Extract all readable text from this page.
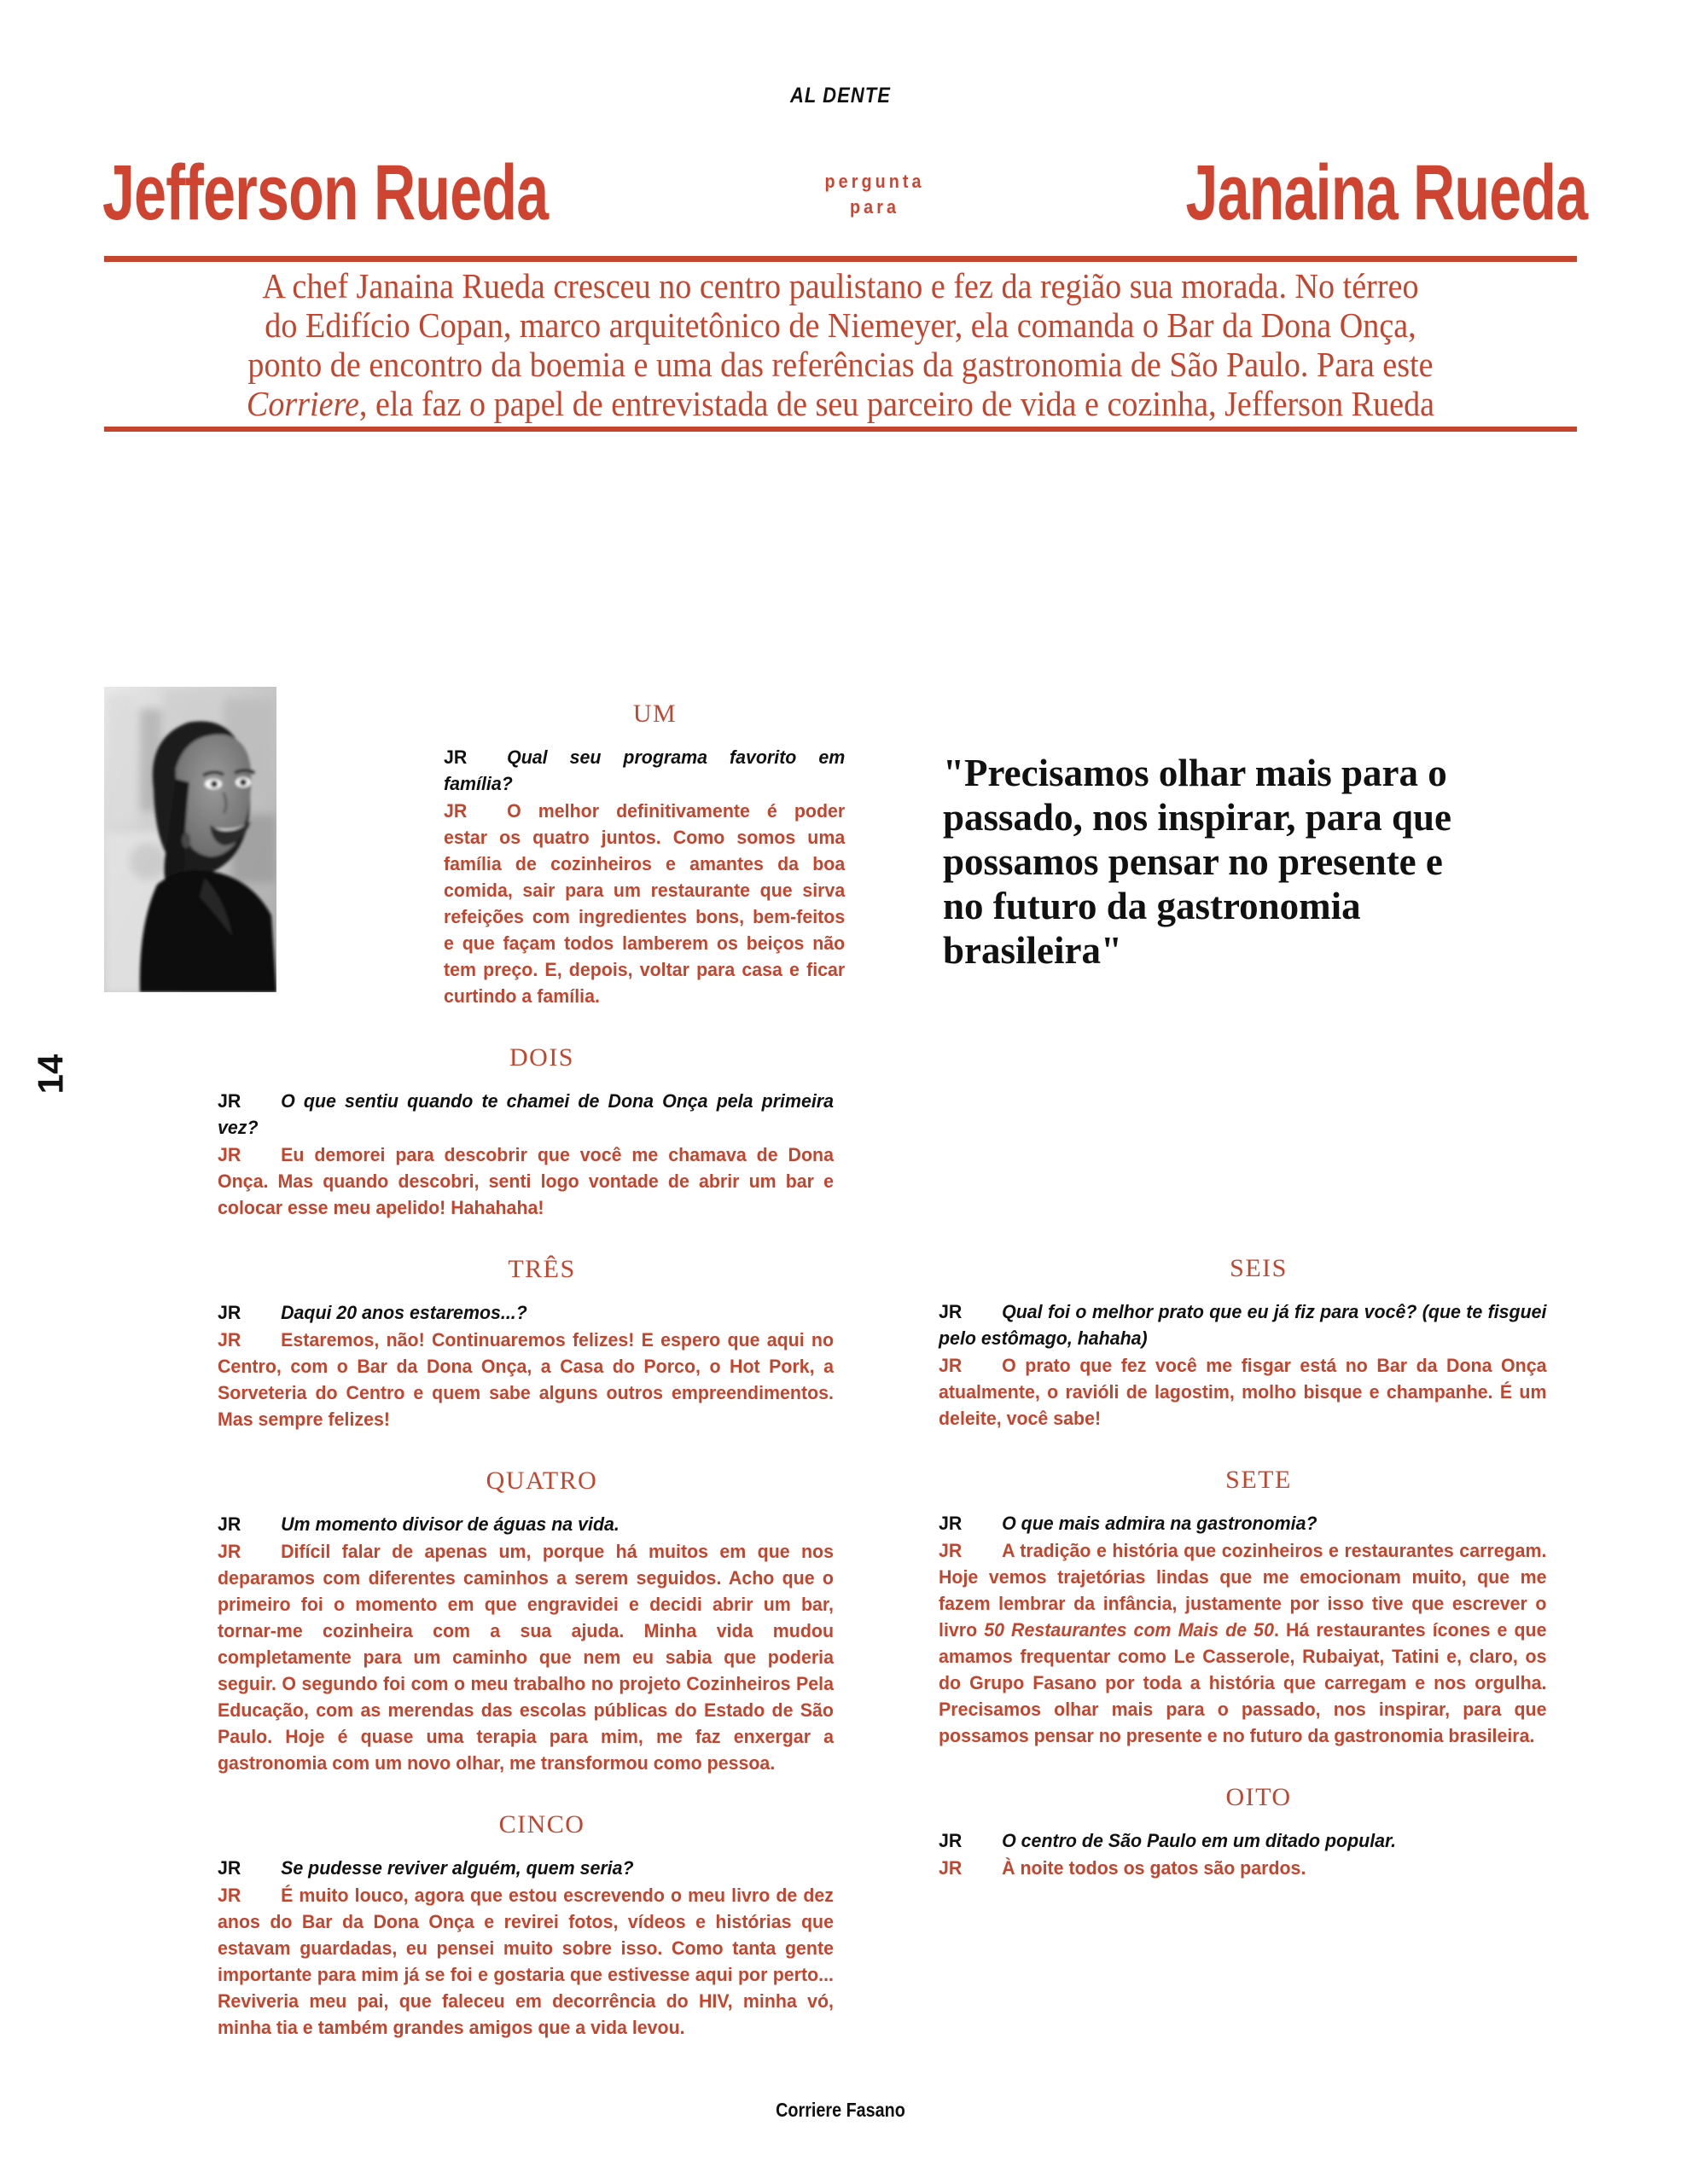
AL DENTE
Jefferson Rueda	pergunta
para	Janaina Rueda
A chef Janaina Rueda cresceu no centro paulistano e fez da região sua morada. No térreo
do Edifício Copan, marco arquitetônico de Niemeyer, ela comanda o Bar da Dona Onça,
ponto de encontro da boemia e uma das referências da gastronomia de São Paulo. Para este
Corriere, ela faz o papel de entrevistada de seu parceiro de vida e cozinha, Jefferson Rueda
14
UM

JR Qual seu programa favorito em família?

JR O melhor definitivamente é poder estar os quatro juntos. Como somos uma família de cozinheiros e amantes da boa comida, sair para um restaurante que sirva refeições com ingredientes bons, bem-feitos e que façam todos lamberem os beiços não tem preço. E, depois, voltar para casa e ficar curtindo a família.

DOIS

JR O que sentiu quando te chamei de Dona Onça pela primeira vez?

JR Eu demorei para descobrir que você me chamava de Dona Onça. Mas quando descobri, senti logo vontade de abrir um bar e colocar esse meu apelido! Hahahaha!

TRÊS

JR Daqui 20 anos estaremos...?

JR Estaremos, não! Continuaremos felizes! E espero que aqui no Centro, com o Bar da Dona Onça, a Casa do Porco, o Hot Pork, a Sorveteria do Centro e quem sabe alguns outros empreendimentos. Mas sempre felizes!

QUATRO

JR Um momento divisor de águas na vida.

JR Difícil falar de apenas um, porque há muitos em que nos deparamos com diferentes caminhos a serem seguidos. Acho que o primeiro foi o momento em que engravidei e decidi abrir um bar, tornar-me cozinheira com a sua ajuda. Minha vida mudou completamente para um caminho que nem eu sabia que poderia seguir. O segundo foi com o meu trabalho no projeto Cozinheiros Pela Educação, com as merendas das escolas públicas do Estado de São Paulo. Hoje é quase uma terapia para mim, me faz enxergar a gastronomia com um novo olhar, me transformou como pessoa.

CINCO

JR Se pudesse reviver alguém, quem seria?

JR É muito louco, agora que estou escrevendo o meu livro de dez anos do Bar da Dona Onça e revirei fotos, vídeos e histórias que estavam guardadas, eu pensei muito sobre isso. Como tanta gente importante para mim já se foi e gostaria que estivesse aqui por perto... Reviveria meu pai, que faleceu em decorrência do HIV, minha vó, minha tia e também grandes amigos que a vida levou.

"Precisamos olhar mais para o passado, nos inspirar, para que possamos pensar no presente e no futuro da gastronomia brasileira"
SEIS

JR Qual foi o melhor prato que eu já fiz para você? (que te fisguei pelo estômago, hahaha)

JR O prato que fez você me fisgar está no Bar da Dona Onça atualmente, o ravióli de lagostim, molho bisque e champanhe. É um deleite, você sabe!

SETE

JR O que mais admira na gastronomia?

JR A tradição e história que cozinheiros e restaurantes carregam. Hoje vemos trajetórias lindas que me emocionam muito, que me fazem lembrar da infância, justamente por isso tive que escrever o livro 50 Restaurantes com Mais de 50. Há restaurantes ícones e que amamos frequentar como Le Casserole, Rubaiyat, Tatini e, claro, os do Grupo Fasano por toda a história que carregam e nos orgulha. Precisamos olhar mais para o passado, nos inspirar, para que possamos pensar no presente e no futuro da gastronomia brasileira.

OITO

JR O centro de São Paulo em um ditado popular.

JR À noite todos os gatos são pardos.

Corriere Fasano
